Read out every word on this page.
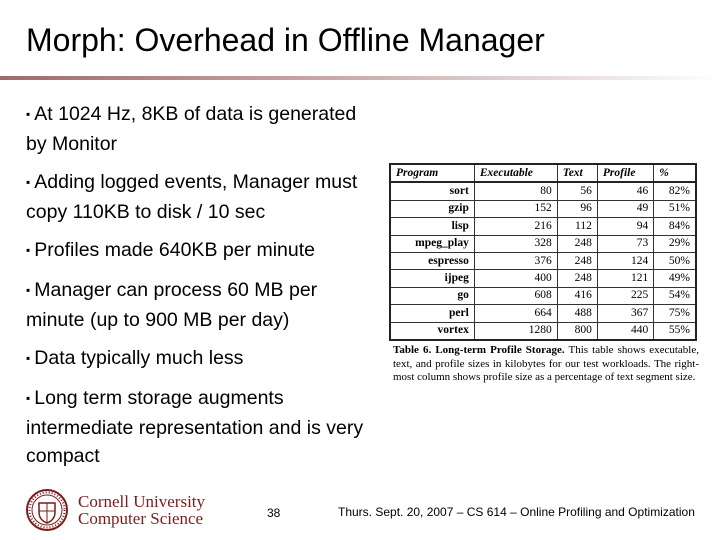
Morph: Overhead in Offline Manager
▪ At 1024 Hz, 8KB of data is generated by Monitor
▪ Adding logged events, Manager must copy 110KB to disk / 10 sec
▪ Profiles made 640KB per minute
▪ Manager can process 60 MB per minute (up to 900 MB per day)
▪ Data typically much less
▪ Long term storage augments intermediate representation and is very compact
Program	Executable	Text	Profile	%
sort	80	56	46	82%
gzip	152	96	49	51%
lisp	216	112	94	84%
mpeg_play	328	248	73	29%
espresso	376	248	124	50%
ijpeg	400	248	121	49%
go	608	416	225	54%
perl	664	488	367	75%
vortex	1280	800	440	55%
Table 6. Long-term Profile Storage. This table shows executable, text, and profile sizes in kilobytes for our test workloads. The right-most column shows profile size as a percentage of text segment size.
Cornell University
Computer Science	38	Thurs. Sept. 20, 2007 – CS 614 – Online Profiling and Optimization
